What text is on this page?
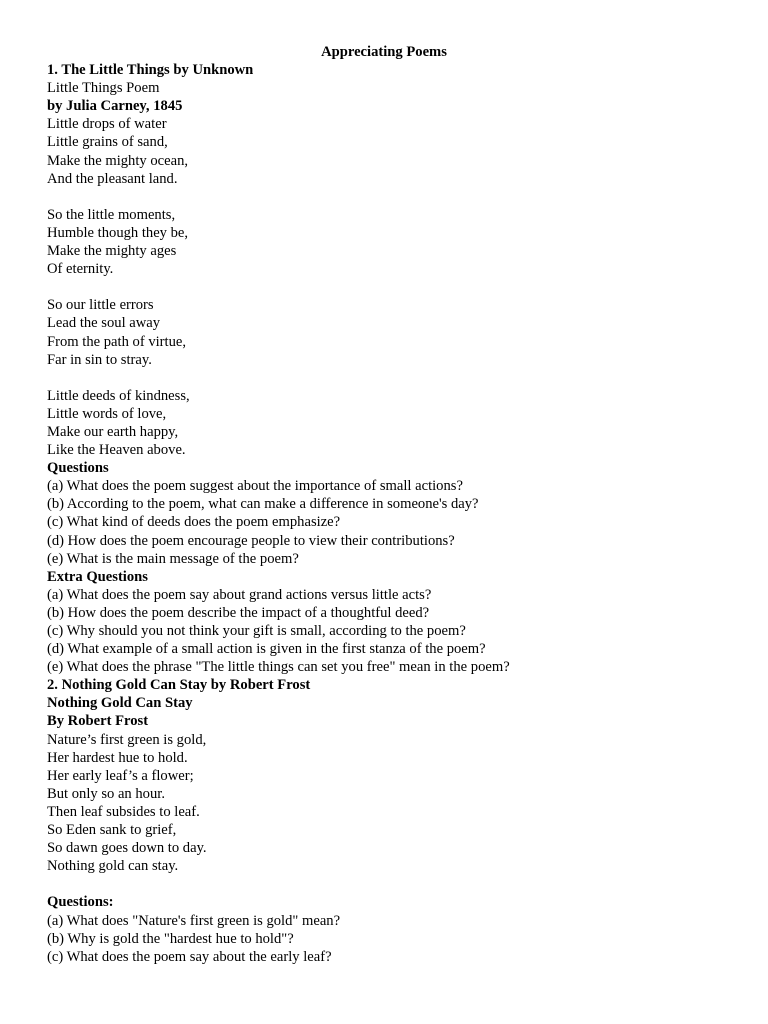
Appreciating Poems
1. The Little Things by Unknown
Little Things Poem
by Julia Carney, 1845
Little drops of water
Little grains of sand,
Make the mighty ocean,
And the pleasant land.
So the little moments,
Humble though they be,
Make the mighty ages
Of eternity.
So our little errors
Lead the soul away
From the path of virtue,
Far in sin to stray.
Little deeds of kindness,
Little words of love,
Make our earth happy,
Like the Heaven above.
Questions
(a) What does the poem suggest about the importance of small actions?
(b) According to the poem, what can make a difference in someone's day?
(c) What kind of deeds does the poem emphasize?
(d) How does the poem encourage people to view their contributions?
(e) What is the main message of the poem?
Extra Questions
(a) What does the poem say about grand actions versus little acts?
(b) How does the poem describe the impact of a thoughtful deed?
(c) Why should you not think your gift is small, according to the poem?
(d) What example of a small action is given in the first stanza of the poem?
(e) What does the phrase "The little things can set you free" mean in the poem?
2. Nothing Gold Can Stay by Robert Frost
Nothing Gold Can Stay
By Robert Frost
Nature’s first green is gold,
Her hardest hue to hold.
Her early leaf’s a flower;
But only so an hour.
Then leaf subsides to leaf.
So Eden sank to grief,
So dawn goes down to day.
Nothing gold can stay.
Questions:
(a) What does "Nature's first green is gold" mean?
(b) Why is gold the "hardest hue to hold"?
(c) What does the poem say about the early leaf?
